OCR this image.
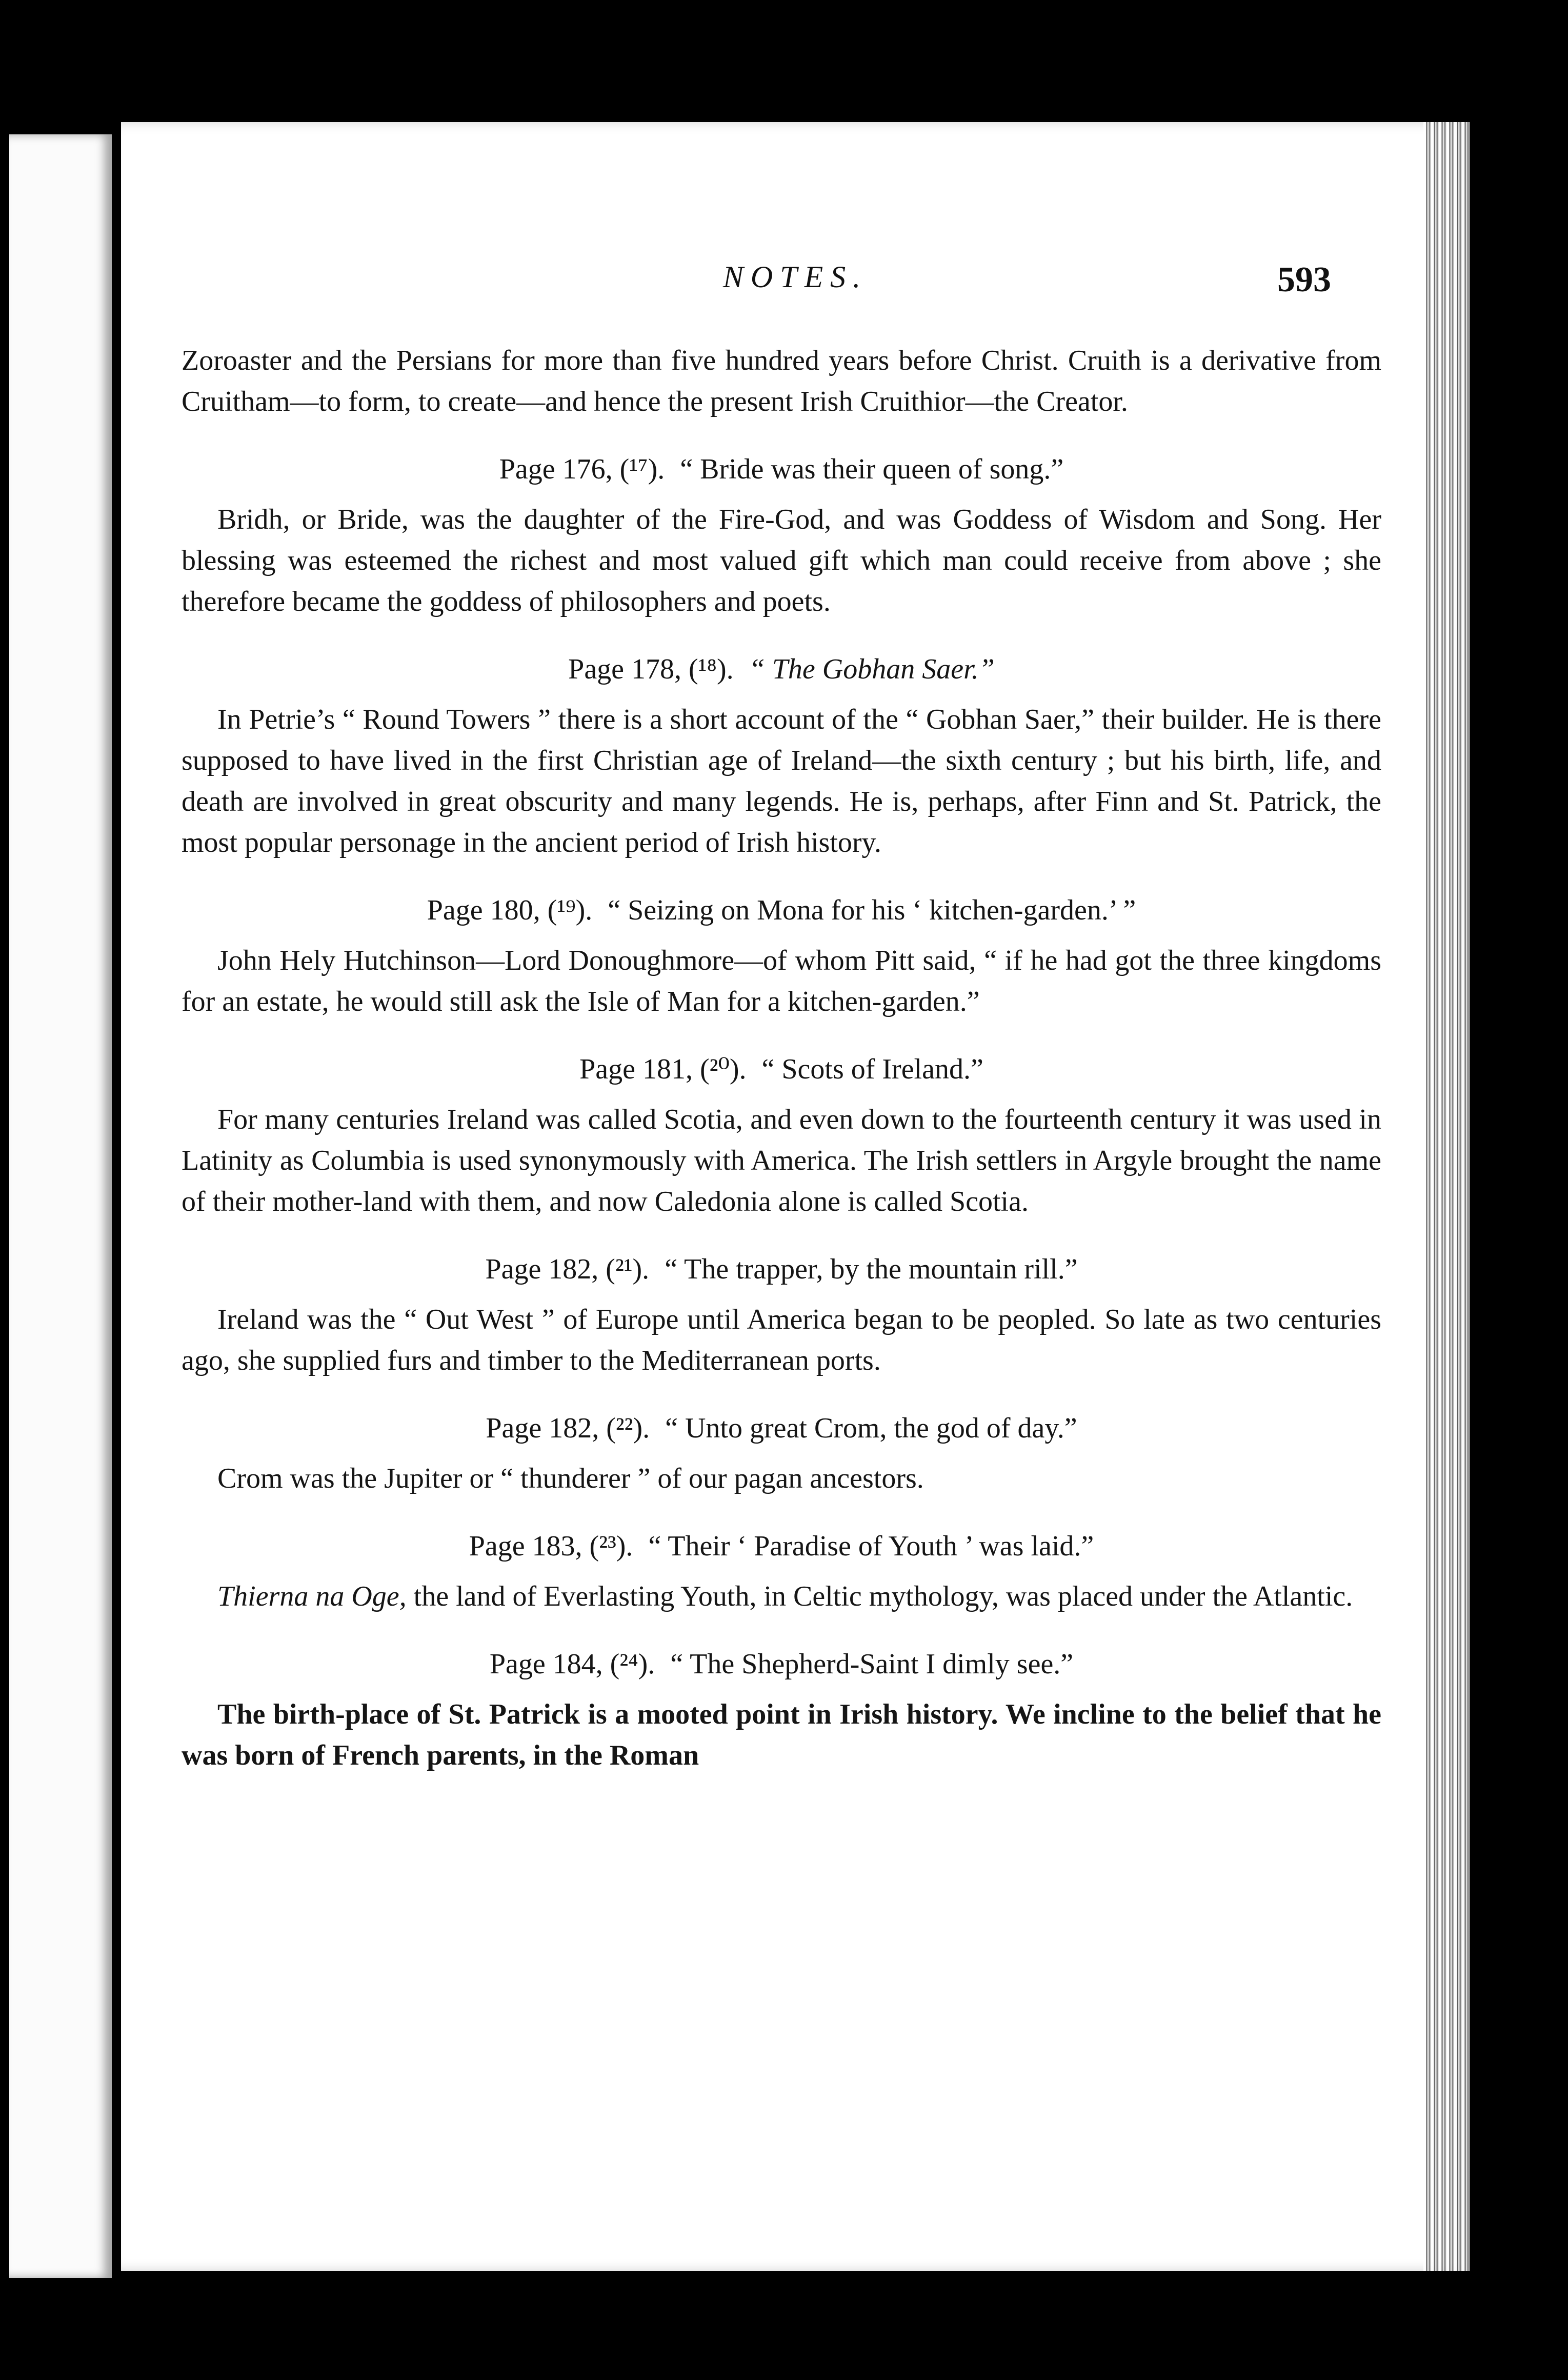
NOTES.	593

Zoroaster and the Persians for more than five hundred years before Christ. Cruith is a derivative from Cruitham—to form, to create—and hence the present Irish Cruithior—the Creator.

Page 176, (¹⁷). “ Bride was their queen of song.”

Bridh, or Bride, was the daughter of the Fire-God, and was Goddess of Wisdom and Song. Her blessing was esteemed the richest and most valued gift which man could receive from above ; she therefore became the goddess of philosophers and poets.

Page 178, (¹⁸). “ The Gobhan Saer.”

In Petrie’s “ Round Towers ” there is a short account of the “ Gobhan Saer,” their builder. He is there supposed to have lived in the first Christian age of Ireland—the sixth century ; but his birth, life, and death are involved in great obscurity and many legends. He is, perhaps, after Finn and St. Patrick, the most popular personage in the ancient period of Irish history.

Page 180, (¹⁹). “ Seizing on Mona for his ‘ kitchen-garden.’ ”

John Hely Hutchinson—Lord Donoughmore—of whom Pitt said, “ if he had got the three kingdoms for an estate, he would still ask the Isle of Man for a kitchen-garden.”

Page 181, (²⁰). “ Scots of Ireland.”

For many centuries Ireland was called Scotia, and even down to the fourteenth century it was used in Latinity as Columbia is used synonymously with America. The Irish settlers in Argyle brought the name of their mother-land with them, and now Caledonia alone is called Scotia.

Page 182, (²¹). “ The trapper, by the mountain rill.”

Ireland was the “ Out West ” of Europe until America began to be peopled. So late as two centuries ago, she supplied furs and timber to the Mediterranean ports.

Page 182, (²²). “ Unto great Crom, the god of day.”

Crom was the Jupiter or “ thunderer ” of our pagan ancestors.

Page 183, (²³). “ Their ‘ Paradise of Youth ’ was laid.”

Thierna na Oge, the land of Everlasting Youth, in Celtic mythology, was placed under the Atlantic.

Page 184, (²⁴). “ The Shepherd-Saint I dimly see.”

The birth-place of St. Patrick is a mooted point in Irish history. We incline to the belief that he was born of French parents, in the Roman
